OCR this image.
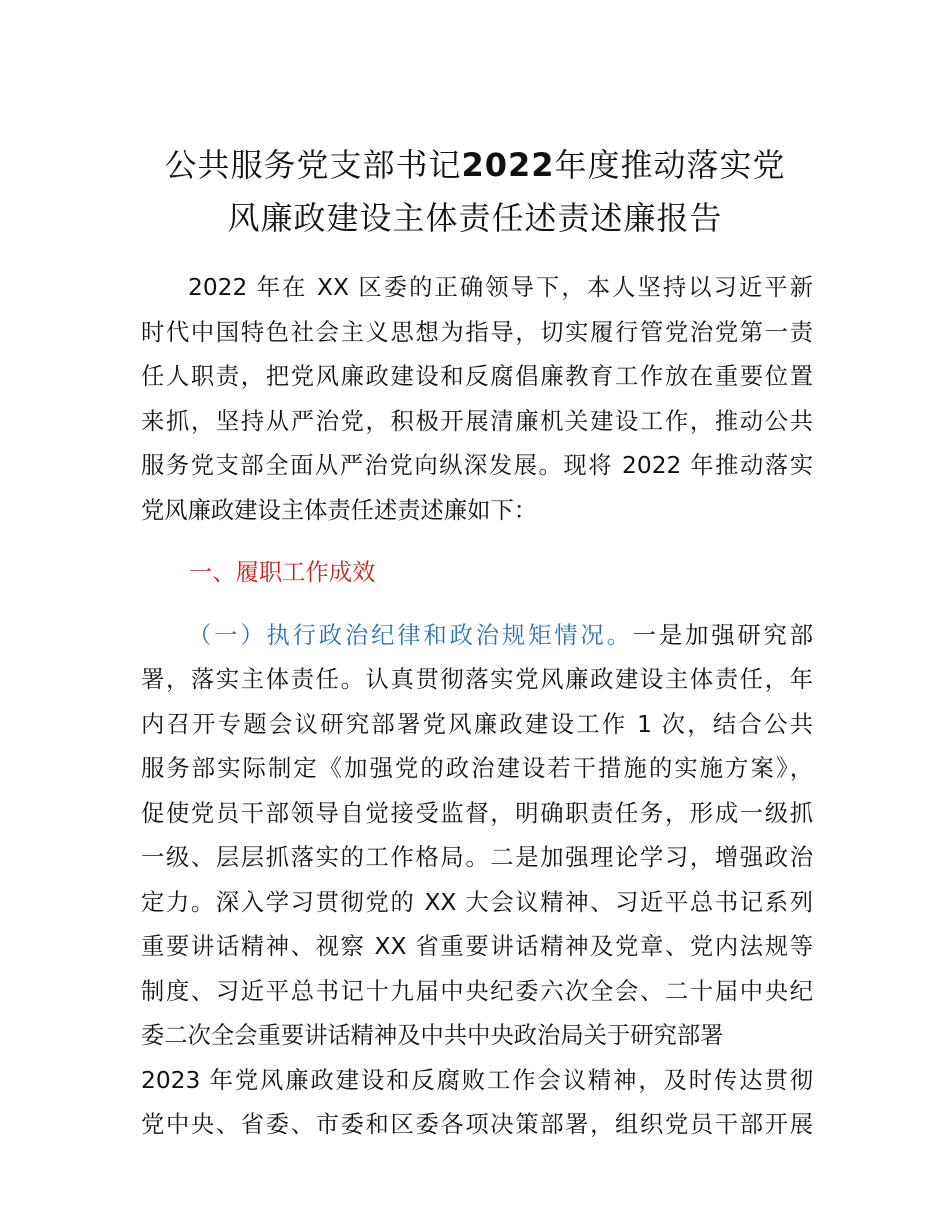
公共服务党支部书记2022年度推动落实党
风廉政建设主体责任述责述廉报告
2022 年在 XX 区委的正确领导下，本人坚持以习近平新
时代中国特色社会主义思想为指导，切实履行管党治党第一责
任人职责，把党风廉政建设和反腐倡廉教育工作放在重要位置
来抓，坚持从严治党，积极开展清廉机关建设工作，推动公共
服务党支部全面从严治党向纵深发展。现将 2022 年推动落实
党风廉政建设主体责任述责述廉如下：
一、履职工作成效
（一）执行政治纪律和政治规矩情况。一是加强研究部
署，落实主体责任。认真贯彻落实党风廉政建设主体责任，年
内召开专题会议研究部署党风廉政建设工作 1 次，结合公共
服务部实际制定《加强党的政治建设若干措施的实施方案》，
促使党员干部领导自觉接受监督，明确职责任务，形成一级抓
一级、层层抓落实的工作格局。二是加强理论学习，增强政治
定力。深入学习贯彻党的 XX 大会议精神、习近平总书记系列
重要讲话精神、视察 XX 省重要讲话精神及党章、党内法规等
制度、习近平总书记十九届中央纪委六次全会、二十届中央纪
委二次全会重要讲话精神及中共中央政治局关于研究部署
2023 年党风廉政建设和反腐败工作会议精神，及时传达贯彻
党中央、省委、市委和区委各项决策部署，组织党员干部开展
